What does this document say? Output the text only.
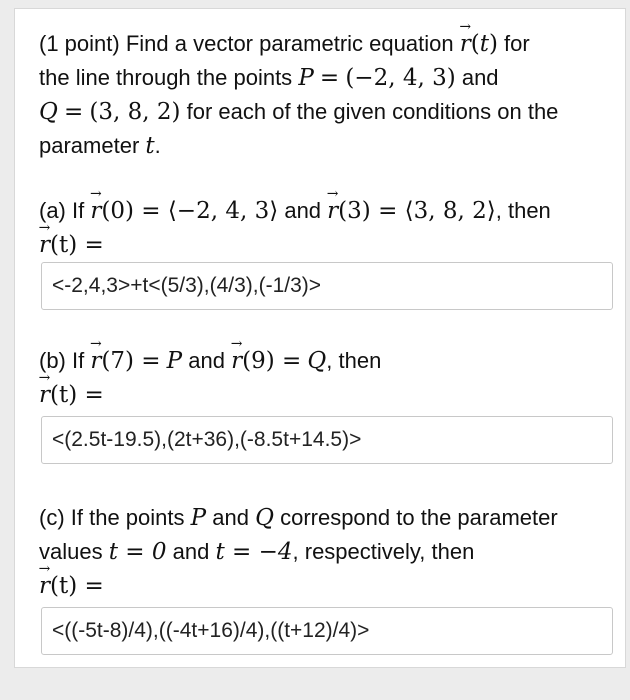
(1 point) Find a vector parametric equation → r(t) for
the line through the points P = (−2, 4, 3) and
Q = (3, 8, 2) for each of the given conditions on the
parameter t.
(a) If → r(0) = ⟨−2, 4, 3⟩ and → r(3) = ⟨3, 8, 2⟩, then
→ r(t) =
<-2,4,3>+t<(5/3),(4/3),(-1/3)>
(b) If → r(7) = P and → r(9) = Q, then
→ r(t) =
<(2.5t-19.5),(2t+36),(-8.5t+14.5)>
(c) If the points P and Q correspond to the parameter
values t = 0 and t = −4, respectively, then
→ r(t) =
<((-5t-8)/4),((-4t+16)/4),((t+12)/4)>
